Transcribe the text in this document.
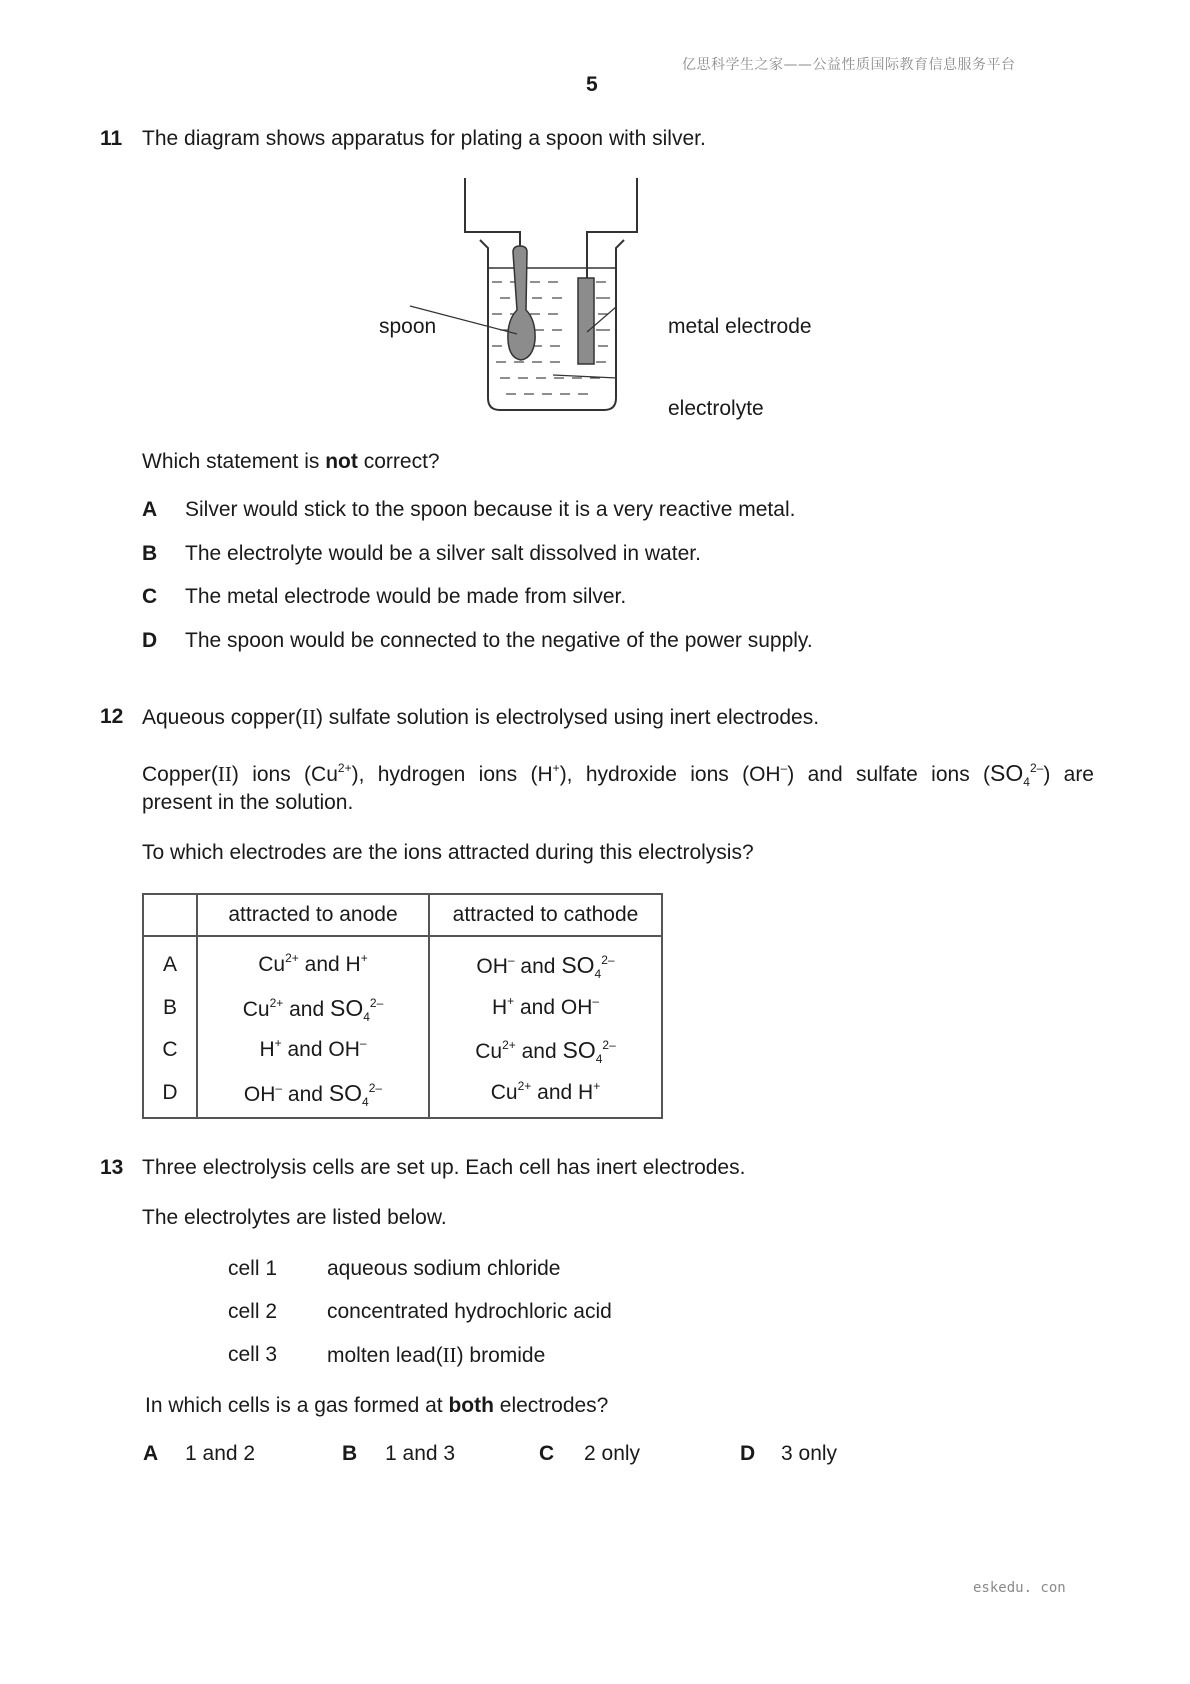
亿思科学生之家——公益性质国际教育信息服务平台
5
11 The diagram shows apparatus for plating a spoon with silver.
spoon	metal electrode
electrolyte
Which statement is not correct?
A Silver would stick to the spoon because it is a very reactive metal.
B The electrolyte would be a silver salt dissolved in water.
C The metal electrode would be made from silver.
D The spoon would be connected to the negative of the power supply.
12 Aqueous copper(II) sulfate solution is electrolysed using inert electrodes.
Copper(II) ions $(Cu^{2+})$, hydrogen ions (H+), hydroxide ions (OH–) and sulfate ions $(SO_4^{2-})$ are
present in the solution.
To which electrodes are the ions attracted during this electrolysis?
	attracted to anode	attracted to cathode
A	$Cu^{2+}$ and H+	OH– and $SO_4^{2-}$
B	$Cu^{2+}$ and $SO_4^{2-}$	H+ and OH–
C	H+ and OH–	$Cu^{2+}$ and $SO_4^{2-}$
D	OH– and $SO_4^{2-}$	$Cu^{2+}$ and H+
13 Three electrolysis cells are set up. Each cell has inert electrodes.
The electrolytes are listed below.
cell 1 aqueous sodium chloride
cell 2 concentrated hydrochloric acid
cell 3 molten lead(II) bromide
In which cells is a gas formed at both electrodes?
A 1 and 2	B 1 and 3	C 2 only	D 3 only
eskedu. con
